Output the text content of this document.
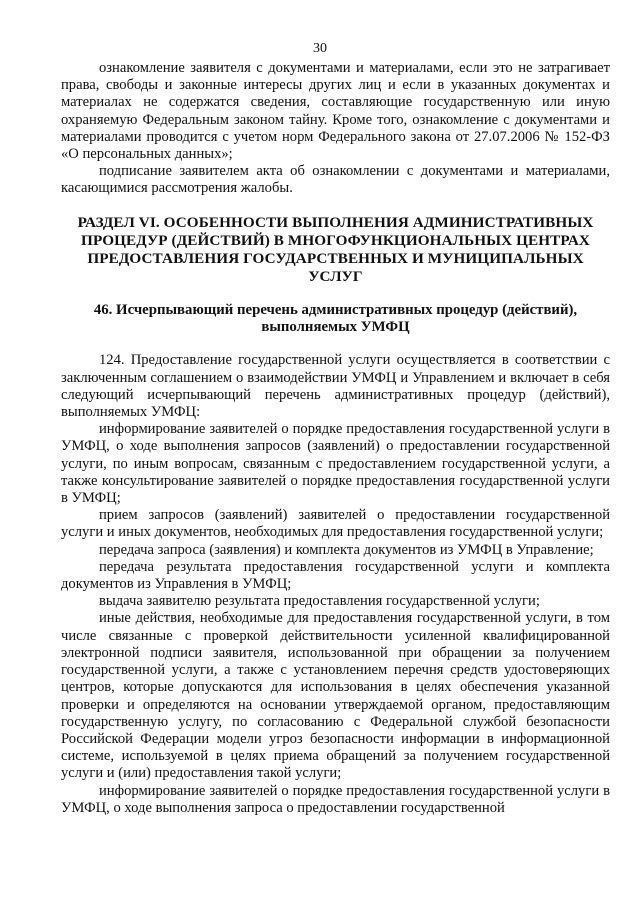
30

ознакомление заявителя с документами и материалами, если это не затрагивает права, свободы и законные интересы других лиц и если в указанных документах и материалах не содержатся сведения, составляющие государственную или иную охраняемую Федеральным законом тайну. Кроме того, ознакомление с документами и материалами проводится с учетом норм Федерального закона от 27.07.2006 № 152-ФЗ «О персональных данных»;

подписание заявителем акта об ознакомлении с документами и материалами, касающимися рассмотрения жалобы.

РАЗДЕЛ VI. ОСОБЕННОСТИ ВЫПОЛНЕНИЯ АДМИНИСТРАТИВНЫХ ПРОЦЕДУР (ДЕЙСТВИЙ) В МНОГОФУНКЦИОНАЛЬНЫХ ЦЕНТРАХ ПРЕДОСТАВЛЕНИЯ ГОСУДАРСТВЕННЫХ И МУНИЦИПАЛЬНЫХ УСЛУГ
46. Исчерпывающий перечень административных процедур (действий), выполняемых УМФЦ

124. Предоставление государственной услуги осуществляется в соответствии с заключенным соглашением о взаимодействии УМФЦ и Управлением и включает в себя следующий исчерпывающий перечень административных процедур (действий), выполняемых УМФЦ:

информирование заявителей о порядке предоставления государственной услуги в УМФЦ, о ходе выполнения запросов (заявлений) о предоставлении государственной услуги, по иным вопросам, связанным с предоставлением государственной услуги, а также консультирование заявителей о порядке предоставления государственной услуги в УМФЦ;

прием запросов (заявлений) заявителей о предоставлении государственной услуги и иных документов, необходимых для предоставления государственной услуги;

передача запроса (заявления) и комплекта документов из УМФЦ в Управление;

передача результата предоставления государственной услуги и комплекта документов из Управления в УМФЦ;

выдача заявителю результата предоставления государственной услуги;

иные действия, необходимые для предоставления государственной услуги, в том числе связанные с проверкой действительности усиленной квалифицированной электронной подписи заявителя, использованной при обращении за получением государственной услуги, а также с установлением перечня средств удостоверяющих центров, которые допускаются для использования в целях обеспечения указанной проверки и определяются на основании утверждаемой органом, предоставляющим государственную услугу, по согласованию с Федеральной службой безопасности Российской Федерации модели угроз безопасности информации в информационной системе, используемой в целях приема обращений за получением государственной услуги и (или) предоставления такой услуги;

информирование заявителей о порядке предоставления государственной услуги в УМФЦ, о ходе выполнения запроса о предоставлении государственной
